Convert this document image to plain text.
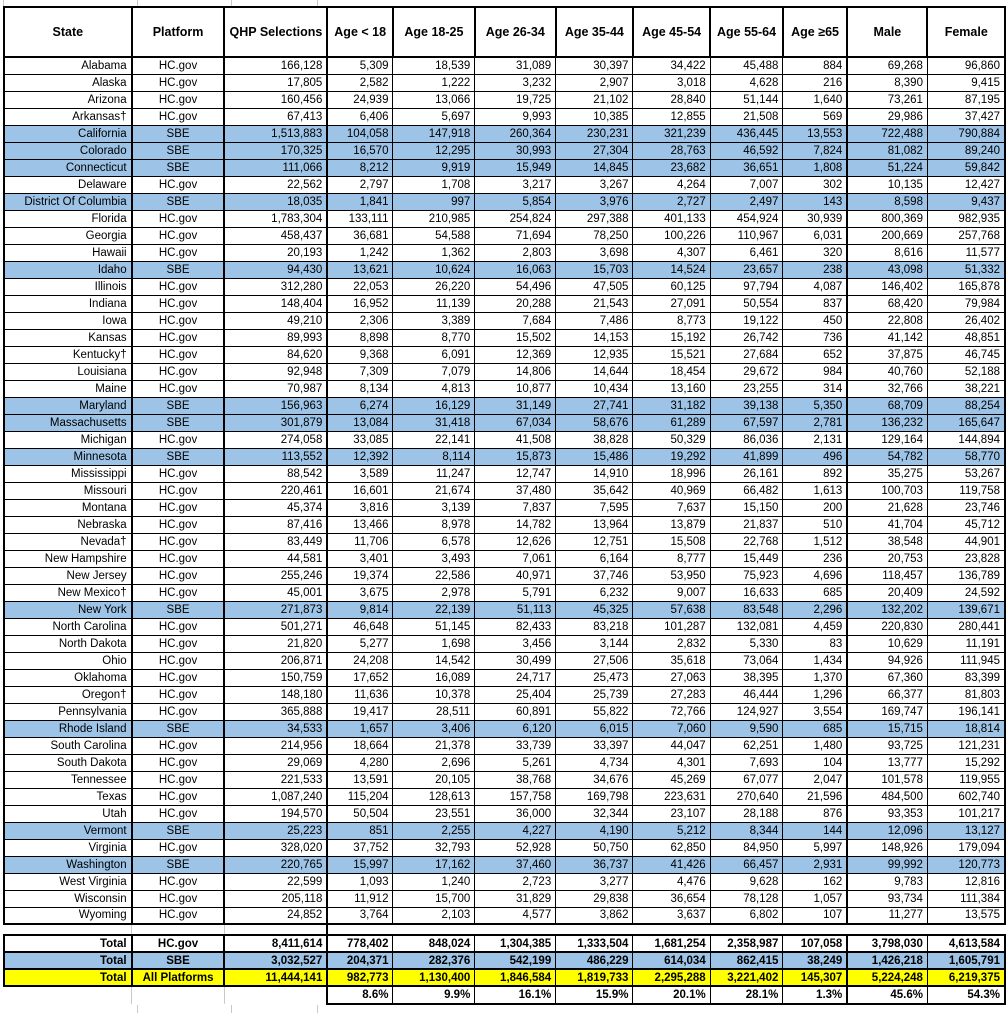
State	Platform	QHP Selections	Age < 18	Age 18-25	Age 26-34	Age 35-44	Age 45-54	Age 55-64	Age ≥65	Male	Female
Alabama	HC.gov	166,128	5,309	18,539	31,089	30,397	34,422	45,488	884	69,268	96,860
Alaska	HC.gov	17,805	2,582	1,222	3,232	2,907	3,018	4,628	216	8,390	9,415
Arizona	HC.gov	160,456	24,939	13,066	19,725	21,102	28,840	51,144	1,640	73,261	87,195
Arkansas†	HC.gov	67,413	6,406	5,697	9,993	10,385	12,855	21,508	569	29,986	37,427
California	SBE	1,513,883	104,058	147,918	260,364	230,231	321,239	436,445	13,553	722,488	790,884
Colorado	SBE	170,325	16,570	12,295	30,993	27,304	28,763	46,592	7,824	81,082	89,240
Connecticut	SBE	111,066	8,212	9,919	15,949	14,845	23,682	36,651	1,808	51,224	59,842
Delaware	HC.gov	22,562	2,797	1,708	3,217	3,267	4,264	7,007	302	10,135	12,427
District Of Columbia	SBE	18,035	1,841	997	5,854	3,976	2,727	2,497	143	8,598	9,437
Florida	HC.gov	1,783,304	133,111	210,985	254,824	297,388	401,133	454,924	30,939	800,369	982,935
Georgia	HC.gov	458,437	36,681	54,588	71,694	78,250	100,226	110,967	6,031	200,669	257,768
Hawaii	HC.gov	20,193	1,242	1,362	2,803	3,698	4,307	6,461	320	8,616	11,577
Idaho	SBE	94,430	13,621	10,624	16,063	15,703	14,524	23,657	238	43,098	51,332
Illinois	HC.gov	312,280	22,053	26,220	54,496	47,505	60,125	97,794	4,087	146,402	165,878
Indiana	HC.gov	148,404	16,952	11,139	20,288	21,543	27,091	50,554	837	68,420	79,984
Iowa	HC.gov	49,210	2,306	3,389	7,684	7,486	8,773	19,122	450	22,808	26,402
Kansas	HC.gov	89,993	8,898	8,770	15,502	14,153	15,192	26,742	736	41,142	48,851
Kentucky†	HC.gov	84,620	9,368	6,091	12,369	12,935	15,521	27,684	652	37,875	46,745
Louisiana	HC.gov	92,948	7,309	7,079	14,806	14,644	18,454	29,672	984	40,760	52,188
Maine	HC.gov	70,987	8,134	4,813	10,877	10,434	13,160	23,255	314	32,766	38,221
Maryland	SBE	156,963	6,274	16,129	31,149	27,741	31,182	39,138	5,350	68,709	88,254
Massachusetts	SBE	301,879	13,084	31,418	67,034	58,676	61,289	67,597	2,781	136,232	165,647
Michigan	HC.gov	274,058	33,085	22,141	41,508	38,828	50,329	86,036	2,131	129,164	144,894
Minnesota	SBE	113,552	12,392	8,114	15,873	15,486	19,292	41,899	496	54,782	58,770
Mississippi	HC.gov	88,542	3,589	11,247	12,747	14,910	18,996	26,161	892	35,275	53,267
Missouri	HC.gov	220,461	16,601	21,674	37,480	35,642	40,969	66,482	1,613	100,703	119,758
Montana	HC.gov	45,374	3,816	3,139	7,837	7,595	7,637	15,150	200	21,628	23,746
Nebraska	HC.gov	87,416	13,466	8,978	14,782	13,964	13,879	21,837	510	41,704	45,712
Nevada†	HC.gov	83,449	11,706	6,578	12,626	12,751	15,508	22,768	1,512	38,548	44,901
New Hampshire	HC.gov	44,581	3,401	3,493	7,061	6,164	8,777	15,449	236	20,753	23,828
New Jersey	HC.gov	255,246	19,374	22,586	40,971	37,746	53,950	75,923	4,696	118,457	136,789
New Mexico†	HC.gov	45,001	3,675	2,978	5,791	6,232	9,007	16,633	685	20,409	24,592
New York	SBE	271,873	9,814	22,139	51,113	45,325	57,638	83,548	2,296	132,202	139,671
North Carolina	HC.gov	501,271	46,648	51,145	82,433	83,218	101,287	132,081	4,459	220,830	280,441
North Dakota	HC.gov	21,820	5,277	1,698	3,456	3,144	2,832	5,330	83	10,629	11,191
Ohio	HC.gov	206,871	24,208	14,542	30,499	27,506	35,618	73,064	1,434	94,926	111,945
Oklahoma	HC.gov	150,759	17,652	16,089	24,717	25,473	27,063	38,395	1,370	67,360	83,399
Oregon†	HC.gov	148,180	11,636	10,378	25,404	25,739	27,283	46,444	1,296	66,377	81,803
Pennsylvania	HC.gov	365,888	19,417	28,511	60,891	55,822	72,766	124,927	3,554	169,747	196,141
Rhode Island	SBE	34,533	1,657	3,406	6,120	6,015	7,060	9,590	685	15,715	18,814
South Carolina	HC.gov	214,956	18,664	21,378	33,739	33,397	44,047	62,251	1,480	93,725	121,231
South Dakota	HC.gov	29,069	4,280	2,696	5,261	4,734	4,301	7,693	104	13,777	15,292
Tennessee	HC.gov	221,533	13,591	20,105	38,768	34,676	45,269	67,077	2,047	101,578	119,955
Texas	HC.gov	1,087,240	115,204	128,613	157,758	169,798	223,631	270,640	21,596	484,500	602,740
Utah	HC.gov	194,570	50,504	23,551	36,000	32,344	23,107	28,188	876	93,353	101,217
Vermont	SBE	25,223	851	2,255	4,227	4,190	5,212	8,344	144	12,096	13,127
Virginia	HC.gov	328,020	37,752	32,793	52,928	50,750	62,850	84,950	5,997	148,926	179,094
Washington	SBE	220,765	15,997	17,162	37,460	36,737	41,426	66,457	2,931	99,992	120,773
West Virginia	HC.gov	22,599	1,093	1,240	2,723	3,277	4,476	9,628	162	9,783	12,816
Wisconsin	HC.gov	205,118	11,912	15,700	31,829	29,838	36,654	78,128	1,057	93,734	111,384
Wyoming	HC.gov	24,852	3,764	2,103	4,577	3,862	3,637	6,802	107	11,277	13,575

Total	HC.gov	8,411,614	778,402	848,024	1,304,385	1,333,504	1,681,254	2,358,987	107,058	3,798,030	4,613,584
Total	SBE	3,032,527	204,371	282,376	542,199	486,229	614,034	862,415	38,249	1,426,218	1,605,791
Total	All Platforms	11,444,141	982,773	1,130,400	1,846,584	1,819,733	2,295,288	3,221,402	145,307	5,224,248	6,219,375
			8.6%	9.9%	16.1%	15.9%	20.1%	28.1%	1.3%	45.6%	54.3%
